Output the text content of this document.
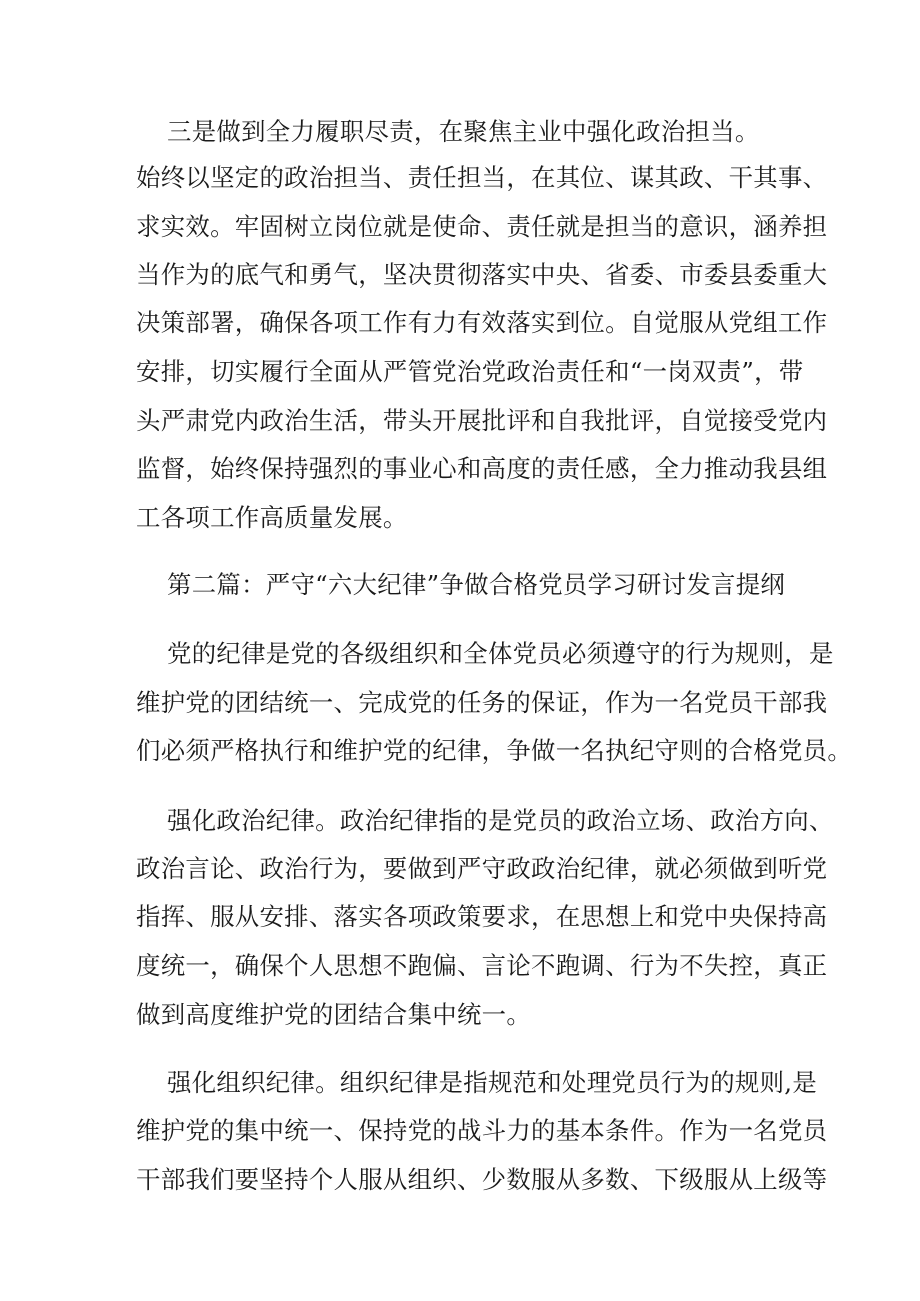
三是做到全力履职尽责，在聚焦主业中强化政治担当。

始终以坚定的政治担当、责任担当，在其位、谋其政、干其事、

求实效。牢固树立岗位就是使命、责任就是担当的意识，涵养担

当作为的底气和勇气，坚决贯彻落实中央、省委、市委县委重大

决策部署，确保各项工作有力有效落实到位。自觉服从党组工作

安排，切实履行全面从严管党治党政治责任和“一岗双责”，带

头严肃党内政治生活，带头开展批评和自我批评，自觉接受党内

监督，始终保持强烈的事业心和高度的责任感，全力推动我县组

工各项工作高质量发展。

第二篇：严守“六大纪律”争做合格党员学习研讨发言提纲

党的纪律是党的各级组织和全体党员必须遵守的行为规则，是

维护党的团结统一、完成党的任务的保证，作为一名党员干部我

们必须严格执行和维护党的纪律，争做一名执纪守则的合格党员。

强化政治纪律。政治纪律指的是党员的政治立场、政治方向、

政治言论、政治行为，要做到严守政政治纪律，就必须做到听党

指挥、服从安排、落实各项政策要求，在思想上和党中央保持高

度统一，确保个人思想不跑偏、言论不跑调、行为不失控，真正

做到高度维护党的团结合集中统一。

强化组织纪律。组织纪律是指规范和处理党员行为的规则,是

维护党的集中统一、保持党的战斗力的基本条件。作为一名党员

干部我们要坚持个人服从组织、少数服从多数、下级服从上级等
